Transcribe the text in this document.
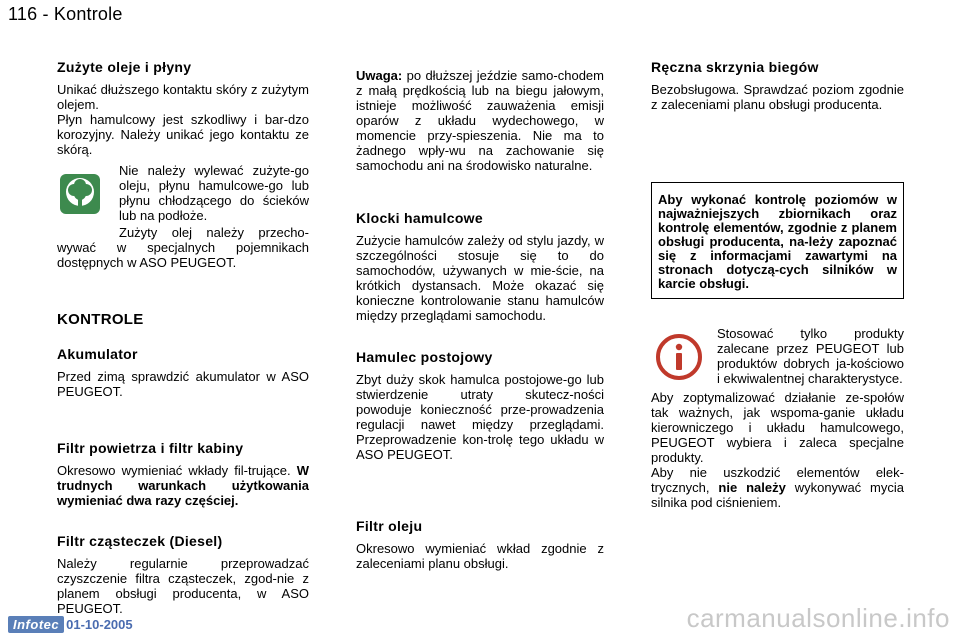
116 - Kontrole
Zużyte oleje i płyny

Unikać dłuższego kontaktu skóry z zużytym olejem.

Płyn hamulcowy jest szkodliwy i bar-dzo korozyjny. Należy unikać jego kontaktu ze skórą.

Nie należy wylewać zużyte-go oleju, płynu hamulcowe-go lub płynu chłodzącego do ścieków lub na podłoże.

Zużyty olej należy przecho-wywać w specjalnych pojemnikach dostępnych w ASO PEUGEOT.

KONTROLE
Akumulator

Przed zimą sprawdzić akumulator w ASO PEUGEOT.

Filtr powietrza i filtr kabiny

Okresowo wymieniać wkłady fil-trujące. W trudnych warunkach użytkowania wymieniać dwa razy częściej.

Filtr cząsteczek (Diesel)

Należy regularnie przeprowadzać czyszczenie filtra cząsteczek, zgod-nie z planem obsługi producenta, w ASO PEUGEOT.

Uwaga: po dłuższej jeździe samo-chodem z małą prędkością lub na biegu jałowym, istnieje możliwość zauważenia emisji oparów z układu wydechowego, w momencie przy-spieszenia. Nie ma to żadnego wpły-wu na zachowanie się samochodu ani na środowisko naturalne.

Klocki hamulcowe

Zużycie hamulców zależy od stylu jazdy, w szczególności stosuje się to do samochodów, używanych w mie-ście, na krótkich dystansach. Może okazać się konieczne kontrolowanie stanu hamulców między przeglądami samochodu.

Hamulec postojowy

Zbyt duży skok hamulca postojowe-go lub stwierdzenie utraty skutecz-ności powoduje konieczność prze-prowadzenia regulacji nawet między przeglądami. Przeprowadzenie kon-trolę tego układu w ASO PEUGEOT.

Filtr oleju

Okresowo wymieniać wkład zgodnie z zaleceniami planu obsługi.

Ręczna skrzynia biegów

Bezobsługowa. Sprawdzać poziom zgodnie z zaleceniami planu obsługi producenta.

Aby wykonać kontrolę poziomów w najważniejszych zbiornikach oraz kontrolę elementów, zgodnie z planem obsługi producenta, na-leży zapoznać się z informacjami zawartymi na stronach dotyczą-cych silników w karcie obsługi.

Stosować tylko produkty zalecane przez PEUGEOT lub produktów dobrych ja-kościowo i ekwiwalentnej charakterystyce.

Aby zoptymalizować działanie ze-społów tak ważnych, jak wspoma-ganie układu kierowniczego i układu hamulcowego, PEUGEOT wybiera i zaleca specjalne produkty.

Aby nie uszkodzić elementów elek-trycznych, nie należy wykonywać mycia silnika pod ciśnieniem.

Infotec 01-10-2005	carmanualsonline.info
